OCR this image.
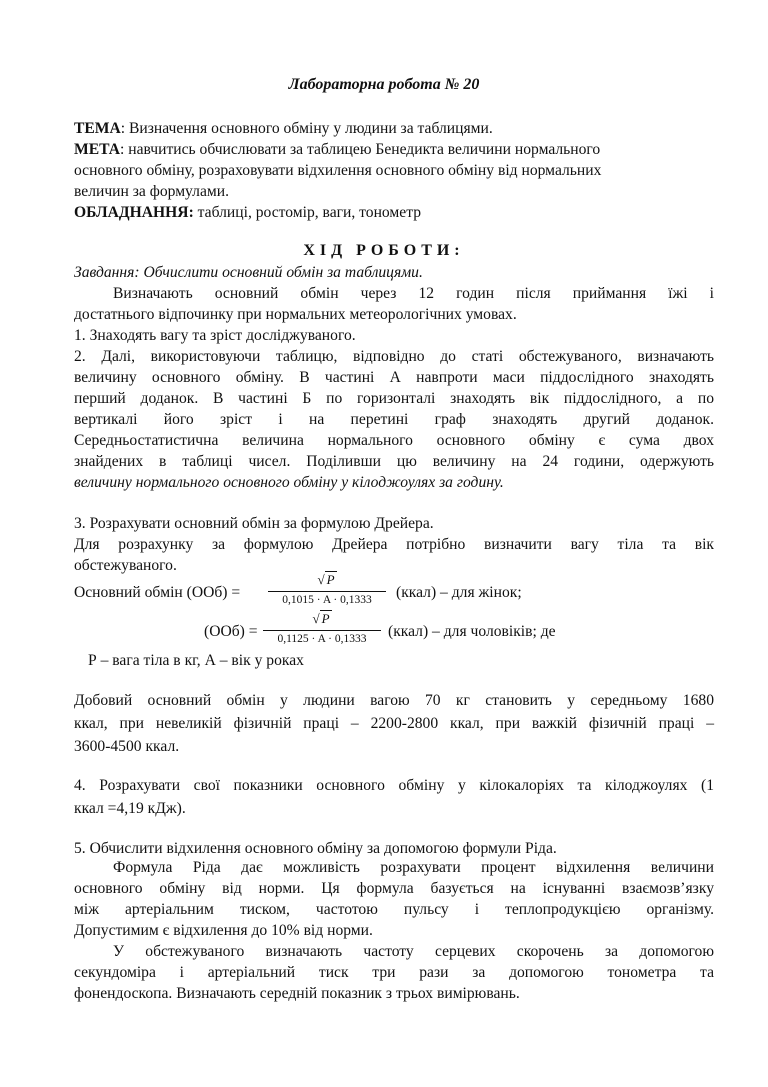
Лабораторна робота № 20
ТЕМА: Визначення основного обміну у людини за таблицями.
МЕТА: навчитись обчислювати за таблицею Бенедикта величини нормального
основного обміну, розраховувати відхилення основного обміну від нормальних
величин за формулами.
ОБЛАДНАННЯ: таблиці, ростомір, ваги, тонометр
ХІД РОБОТИ:
Завдання: Обчислити основний обмін за таблицями.
Визначають основний обмін через 12 годин після приймання їжі і
достатнього відпочинку при нормальних метеорологічних умовах.
1. Знаходять вагу та зріст досліджуваного.
2. Далі, використовуючи таблицю, відповідно до статі обстежуваного, визначають
величину основного обміну. В частині А навпроти маси піддослідного знаходять
перший доданок. В частині Б по горизонталі знаходять вік піддослідного, а по
вертикалі його зріст і на перетині граф знаходять другий доданок.
Середньостатистична величина нормального основного обміну є сума двох
знайдених в таблиці чисел. Поділивши цю величину на 24 години, одержують
величину нормального основного обміну у кілоджоулях за годину.
3. Розрахувати основний обмін за формулою Дрейера.
Для розрахунку за формулою Дрейера потрібно визначити вагу тіла та вік
обстежуваного.
Основний обмін (ООб) =
√ P
0,1015 · A · 0,1333	(ккал) – для жінок;
(ООб) =
√ P
0,1125 · A · 0,1333	(ккал) – для чоловіків; де
Р – вага тіла в кг, А – вік у роках
Добовий основний обмін у людини вагою 70 кг становить у середньому 1680
ккал, при невеликій фізичній праці – 2200-2800 ккал, при важкій фізичній праці –
3600-4500 ккал.
4. Розрахувати свої показники основного обміну у кілокалоріях та кілоджоулях (1
ккал =4,19 кДж).
5. Обчислити відхилення основного обміну за допомогою формули Ріда.
Формула Ріда дає можливість розрахувати процент відхилення величини
основного обміну від норми. Ця формула базується на існуванні взаємозв’язку
між артеріальним тиском, частотою пульсу і теплопродукцією організму.
Допустимим є відхилення до 10% від норми.
У обстежуваного визначають частоту серцевих скорочень за допомогою
секундоміра і артеріальний тиск три рази за допомогою тонометра та
фонендоскопа. Визначають середній показник з трьох вимірювань.
